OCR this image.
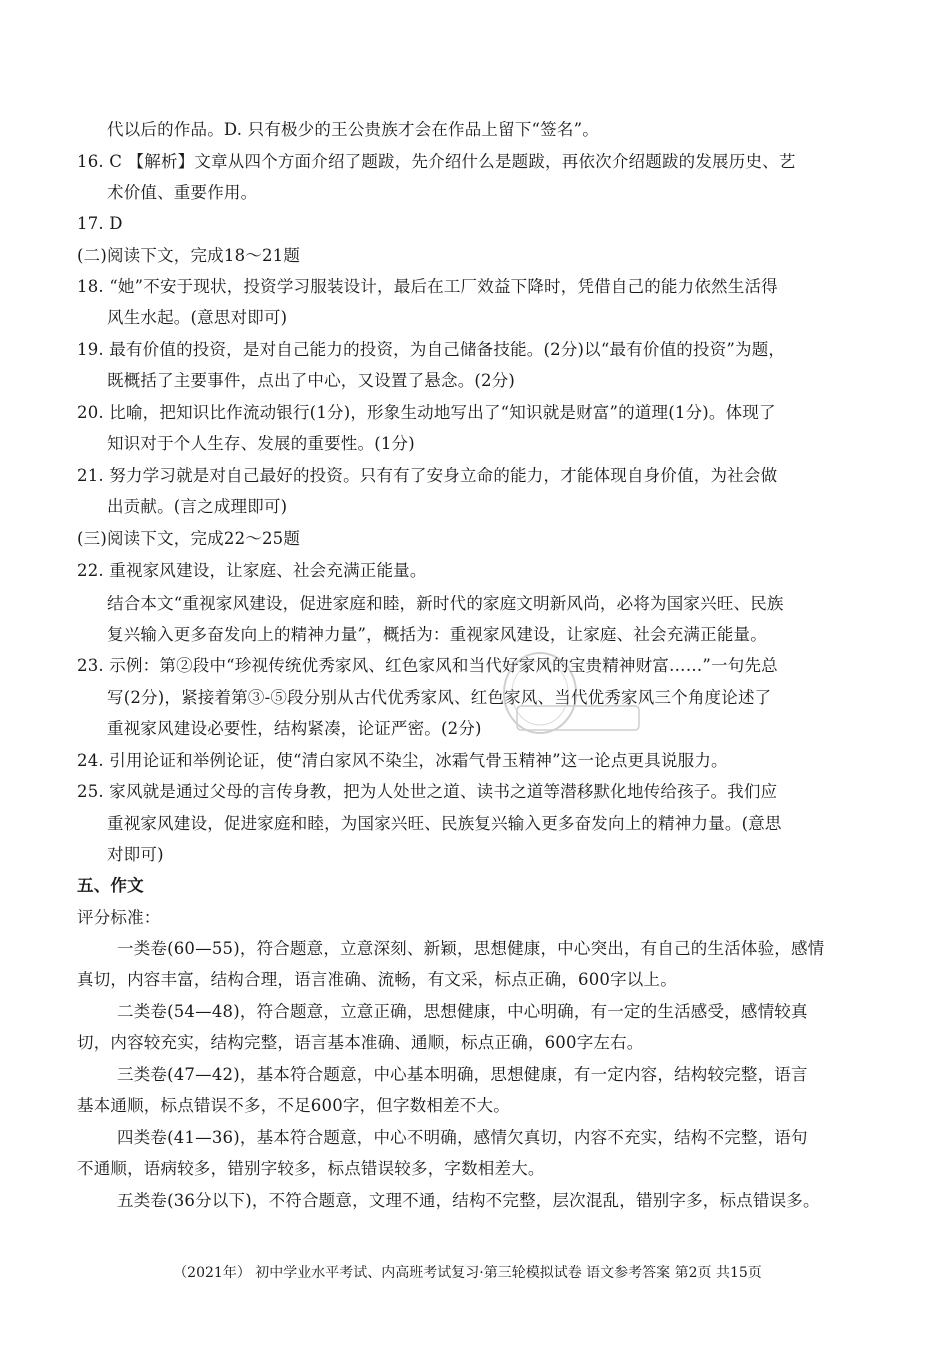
代以后的作品。D. 只有极少的王公贵族才会在作品上留下“签名”。
16. C 【解析】文章从四个方面介绍了题跋，先介绍什么是题跋，再依次介绍题跋的发展历史、艺
术价值、重要作用。
17. D
(二)阅读下文，完成18～21题
18. “她”不安于现状，投资学习服装设计，最后在工厂效益下降时，凭借自己的能力依然生活得
风生水起。(意思对即可)
19. 最有价值的投资，是对自己能力的投资，为自己储备技能。(2分)以“最有价值的投资”为题，
既概括了主要事件，点出了中心，又设置了悬念。(2分)
20. 比喻，把知识比作流动银行(1分)，形象生动地写出了“知识就是财富”的道理(1分)。体现了
知识对于个人生存、发展的重要性。(1分)
21. 努力学习就是对自己最好的投资。只有有了安身立命的能力，才能体现自身价值，为社会做
出贡献。(言之成理即可)
(三)阅读下文，完成22～25题
22. 重视家风建设，让家庭、社会充满正能量。
结合本文“重视家风建设，促进家庭和睦，新时代的家庭文明新风尚，必将为国家兴旺、民族
复兴输入更多奋发向上的精神力量”，概括为：重视家风建设，让家庭、社会充满正能量。
23. 示例：第②段中“珍视传统优秀家风、红色家风和当代好家风的宝贵精神财富……”一句先总
写(2分)，紧接着第③-⑤段分别从古代优秀家风、红色家风、当代优秀家风三个角度论述了
重视家风建设必要性，结构紧凑，论证严密。(2分)
24. 引用论证和举例论证，使“清白家风不染尘，冰霜气骨玉精神”这一论点更具说服力。
25. 家风就是通过父母的言传身教，把为人处世之道、读书之道等潜移默化地传给孩子。我们应
重视家风建设，促进家庭和睦，为国家兴旺、民族复兴输入更多奋发向上的精神力量。(意思
对即可)
五、作文
评分标准：
一类卷(60—55)，符合题意，立意深刻、新颖，思想健康，中心突出，有自己的生活体验，感情
真切，内容丰富，结构合理，语言准确、流畅，有文采，标点正确，600字以上。
二类卷(54—48)，符合题意，立意正确，思想健康，中心明确，有一定的生活感受，感情较真
切，内容较充实，结构完整，语言基本准确、通顺，标点正确，600字左右。
三类卷(47—42)，基本符合题意，中心基本明确，思想健康，有一定内容，结构较完整，语言
基本通顺，标点错误不多，不足600字，但字数相差不大。
四类卷(41—36)，基本符合题意，中心不明确，感情欠真切，内容不充实，结构不完整，语句
不通顺，语病较多，错别字较多，标点错误较多，字数相差大。
五类卷(36分以下)，不符合题意，文理不通，结构不完整，层次混乱，错别字多，标点错误多。
（2021年） 初中学业水平考试、内高班考试复习·第三轮模拟试卷 语文参考答案 第2页 共15页
